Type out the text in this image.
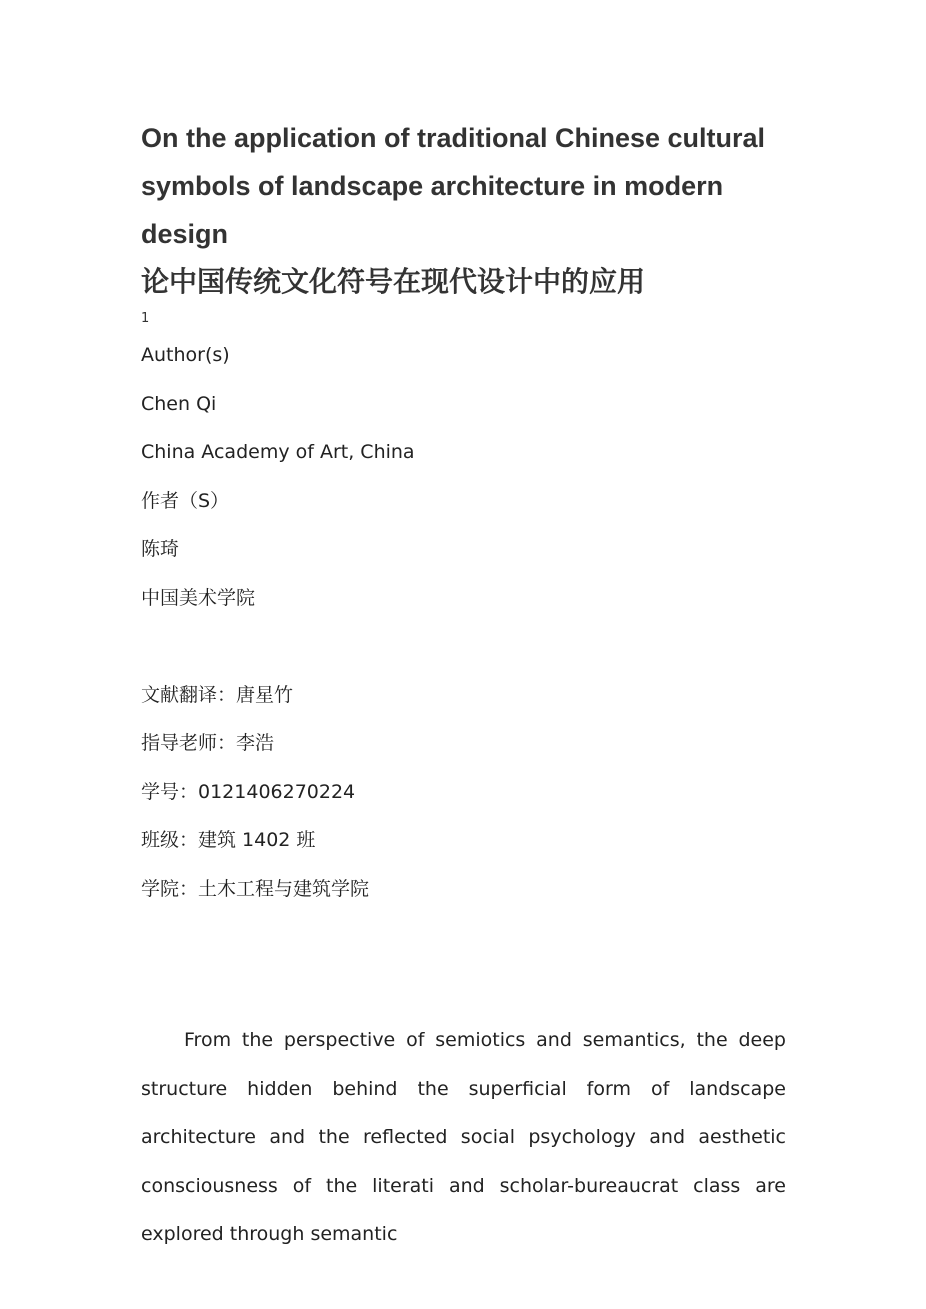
On the application of traditional Chinese cultural symbols of landscape architecture in modern design
论中国传统文化符号在现代设计中的应用
1
Author(s)
Chen Qi
China Academy of Art, China
作者（S）
陈琦
中国美术学院
文献翻译：唐星竹
指导老师：李浩
学号：0121406270224
班级：建筑 1402 班
学院：土木工程与建筑学院

From the perspective of semiotics and semantics, the deep structure hidden behind the superficial form of landscape architecture and the reflected social psychology and aesthetic consciousness of the literati and scholar-bureaucrat class are explored through semantic
